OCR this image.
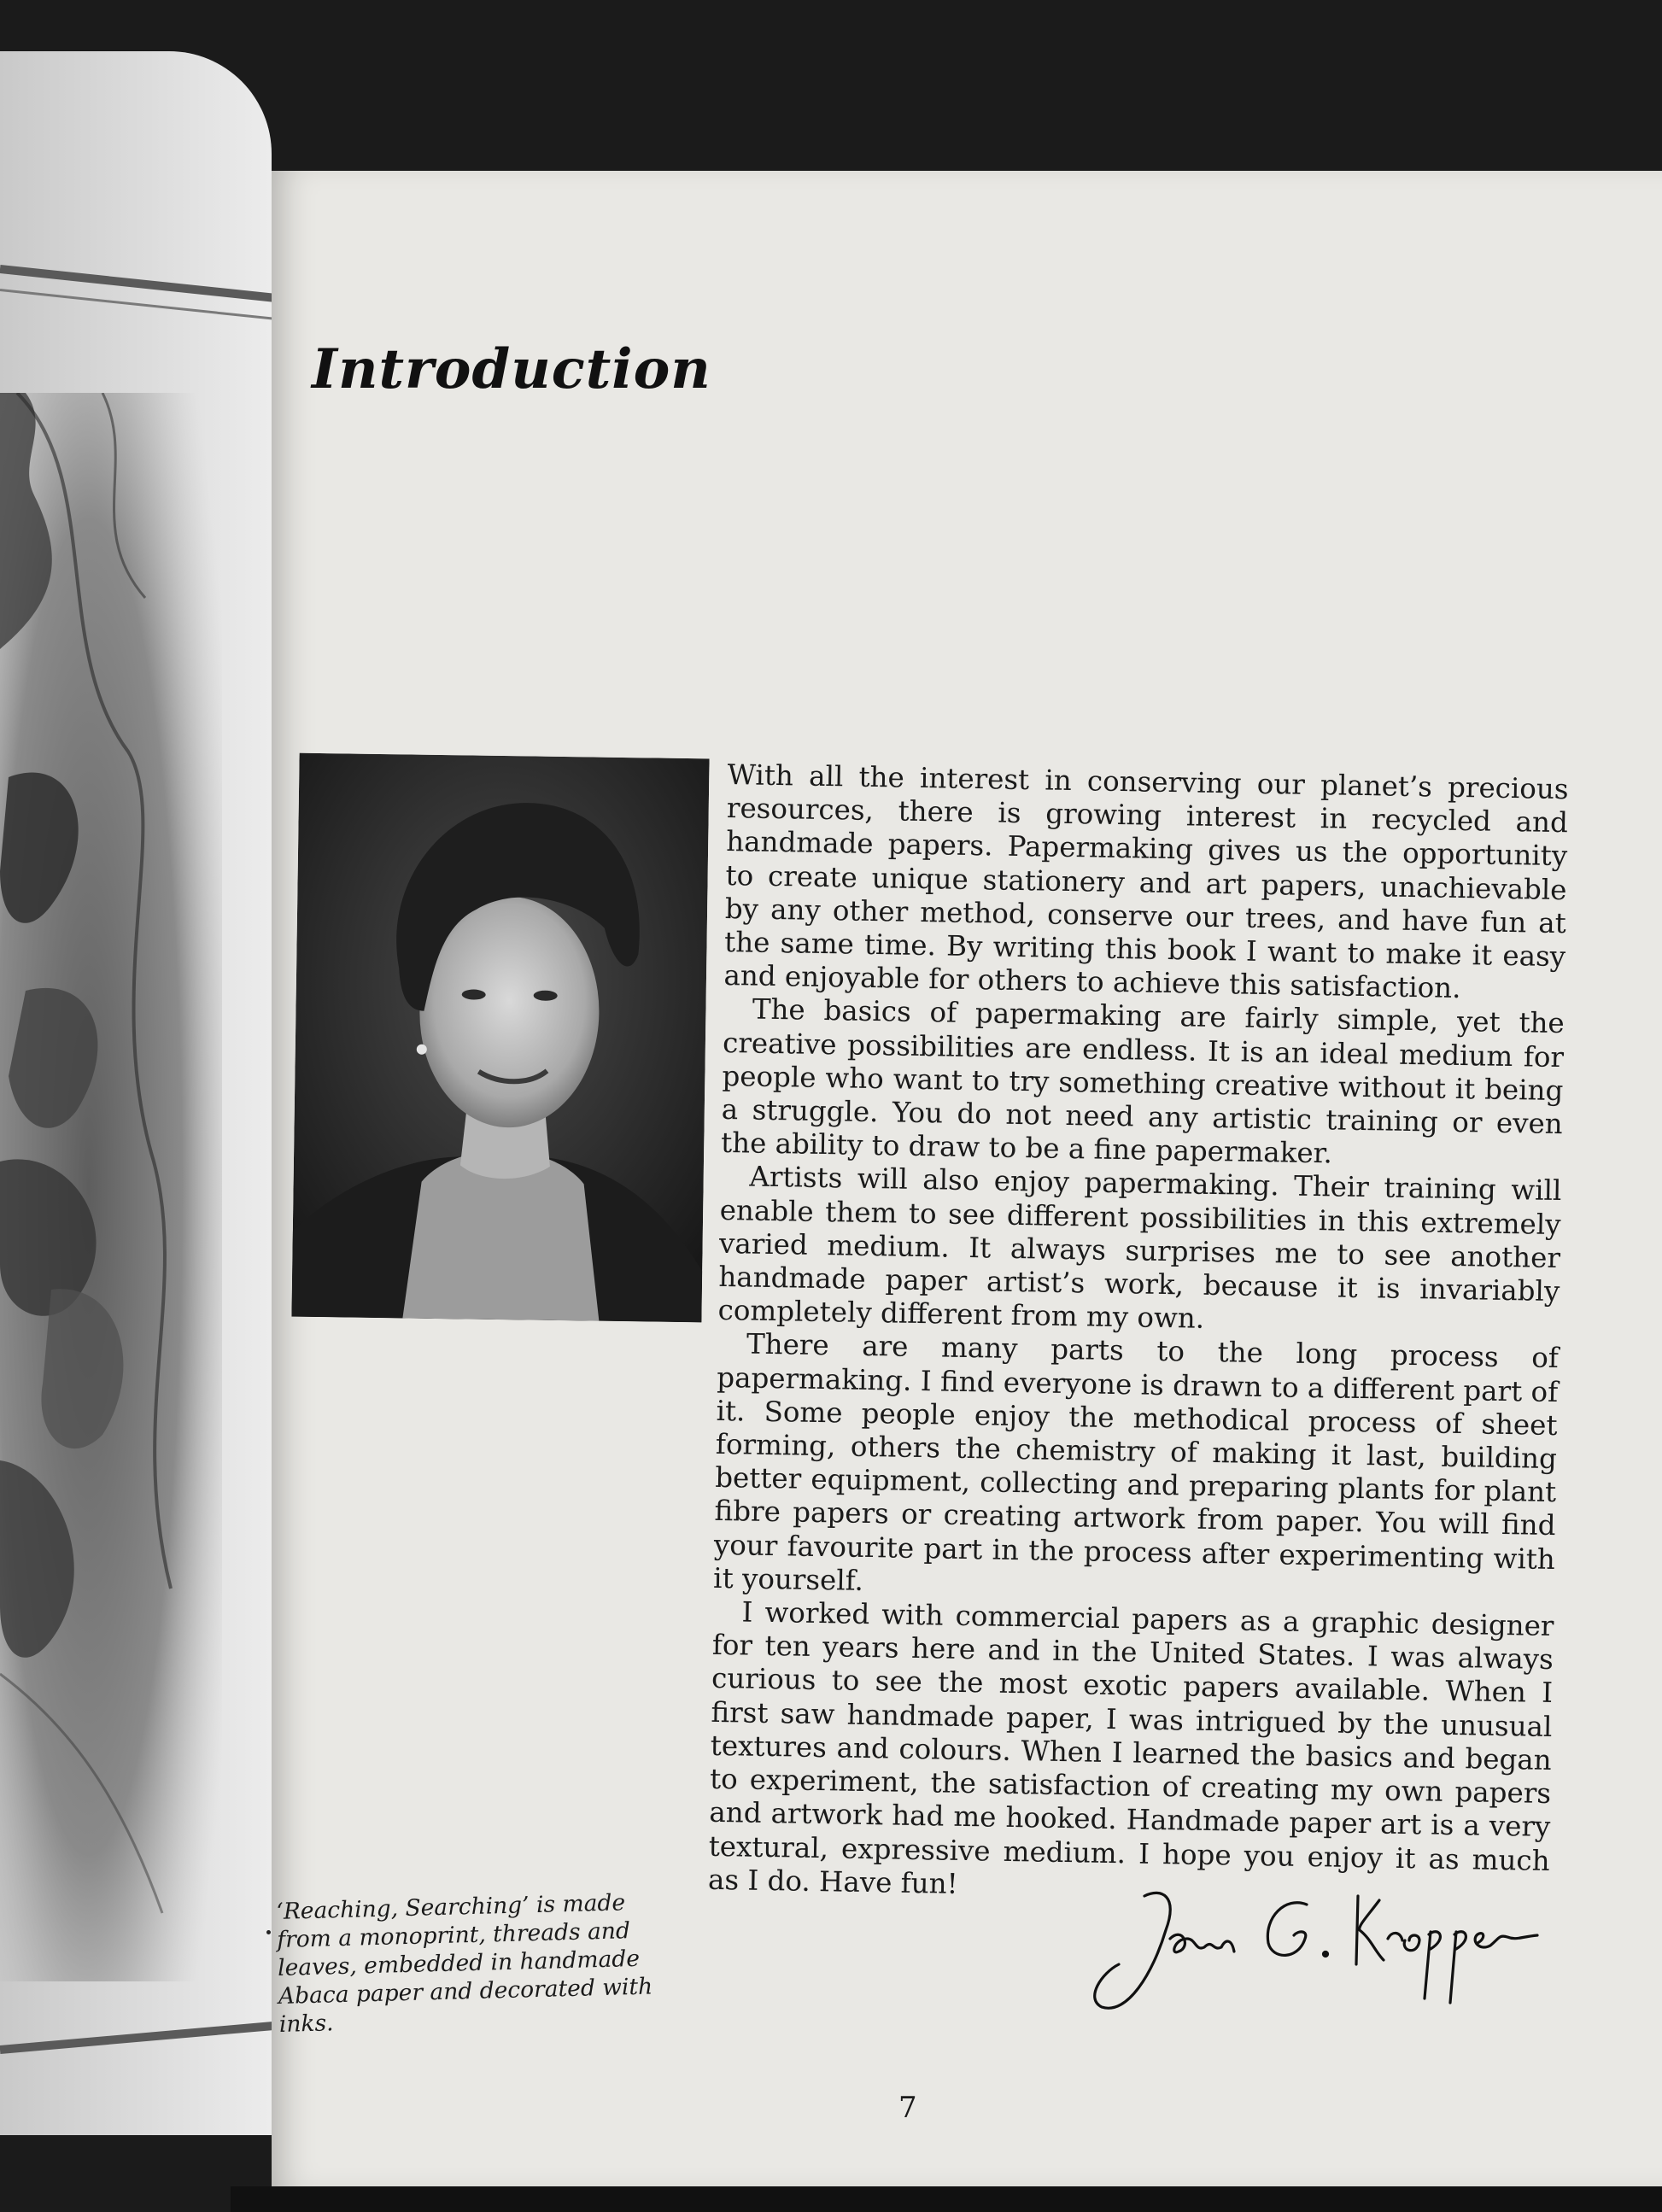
Introduction

With all the interest in conserving our planet’s precious resources, there is growing interest in recycled and handmade papers. Papermaking gives us the opportunity to create unique stationery and art papers, unachievable by any other method, conserve our trees, and have fun at the same time. By writing this book I want to make it easy and enjoyable for others to achieve this satisfaction.

The basics of papermaking are fairly simple, yet the creative possibilities are endless. It is an ideal medium for people who want to try something creative without it being a struggle. You do not need any artistic training or even the ability to draw to be a fine papermaker.

Artists will also enjoy papermaking. Their training will enable them to see different possibilities in this extremely varied medium. It always surprises me to see another handmade paper artist’s work, because it is invariably completely different from my own.

There are many parts to the long process of papermaking. I find everyone is drawn to a different part of it. Some people enjoy the methodical process of sheet forming, others the chemistry of making it last, building better equipment, collecting and preparing plants for plant fibre papers or creating artwork from paper. You will find your favourite part in the process after experimenting with it yourself.

I worked with commercial papers as a graphic designer for ten years here and in the United States. I was always curious to see the most exotic papers available. When I first saw handmade paper, I was intrigued by the unusual textures and colours. When I learned the basics and began to experiment, the satisfaction of creating my own papers and artwork had me hooked. Handmade paper art is a very textural, expressive medium. I hope you enjoy it as much as I do. Have fun!

‘Reaching, Searching’ is made from a monoprint, threads and leaves, embedded in handmade Abaca paper and decorated with inks.
7
